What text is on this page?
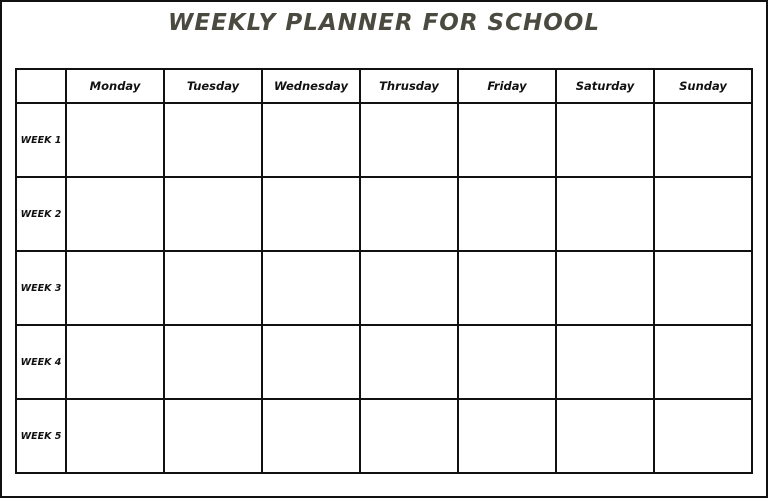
WEEKLY PLANNER FOR SCHOOL
	Monday	Tuesday	Wednesday	Thrusday	Friday	Saturday	Sunday
WEEK 1							
WEEK 2							
WEEK 3							
WEEK 4							
WEEK 5							
